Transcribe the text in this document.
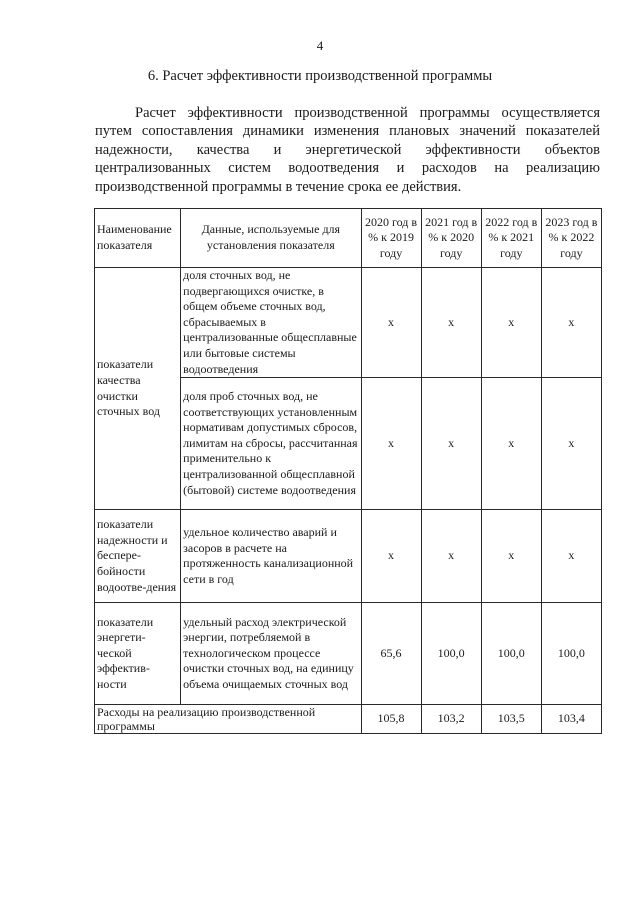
4
6. Расчет эффективности производственной программы
Расчет эффективности производственной программы осуществляется путем сопоставления динамики изменения плановых значений показателей надежности, качества и энергетической эффективности объектов централизованных систем водоотведения и расходов на реализацию производственной программы в течение срока ее действия.
Наименование показателя	Данные, используемые для установления показателя	2020 год в % к 2019 году	2021 год в % к 2020 году	2022 год в % к 2021 году	2023 год в % к 2022 году
показатели качества очистки сточных вод	доля сточных вод, не подвергающихся очистке, в общем объеме сточных вод, сбрасываемых в централизованные общесплавные или бытовые системы водоотведения	x	x	x	x
	доля проб сточных вод, не соответствующих установленным нормативам допустимых сбросов, лимитам на сбросы, рассчитанная применительно к централизованной общесплавной (бытовой) системе водоотведения	x	x	x	x
показатели надежности и беспере-бойности водоотве-дения	удельное количество аварий и засоров в расчете на протяженность канализационной сети в год	x	x	x	x
показатели энергети-ческой эффектив-ности	удельный расход электрической энергии, потребляемой в технологическом процессе очистки сточных вод, на единицу объема очищаемых сточных вод	65,6	100,0	100,0	100,0
Расходы на реализацию производственной программы		105,8	103,2	103,5	103,4
